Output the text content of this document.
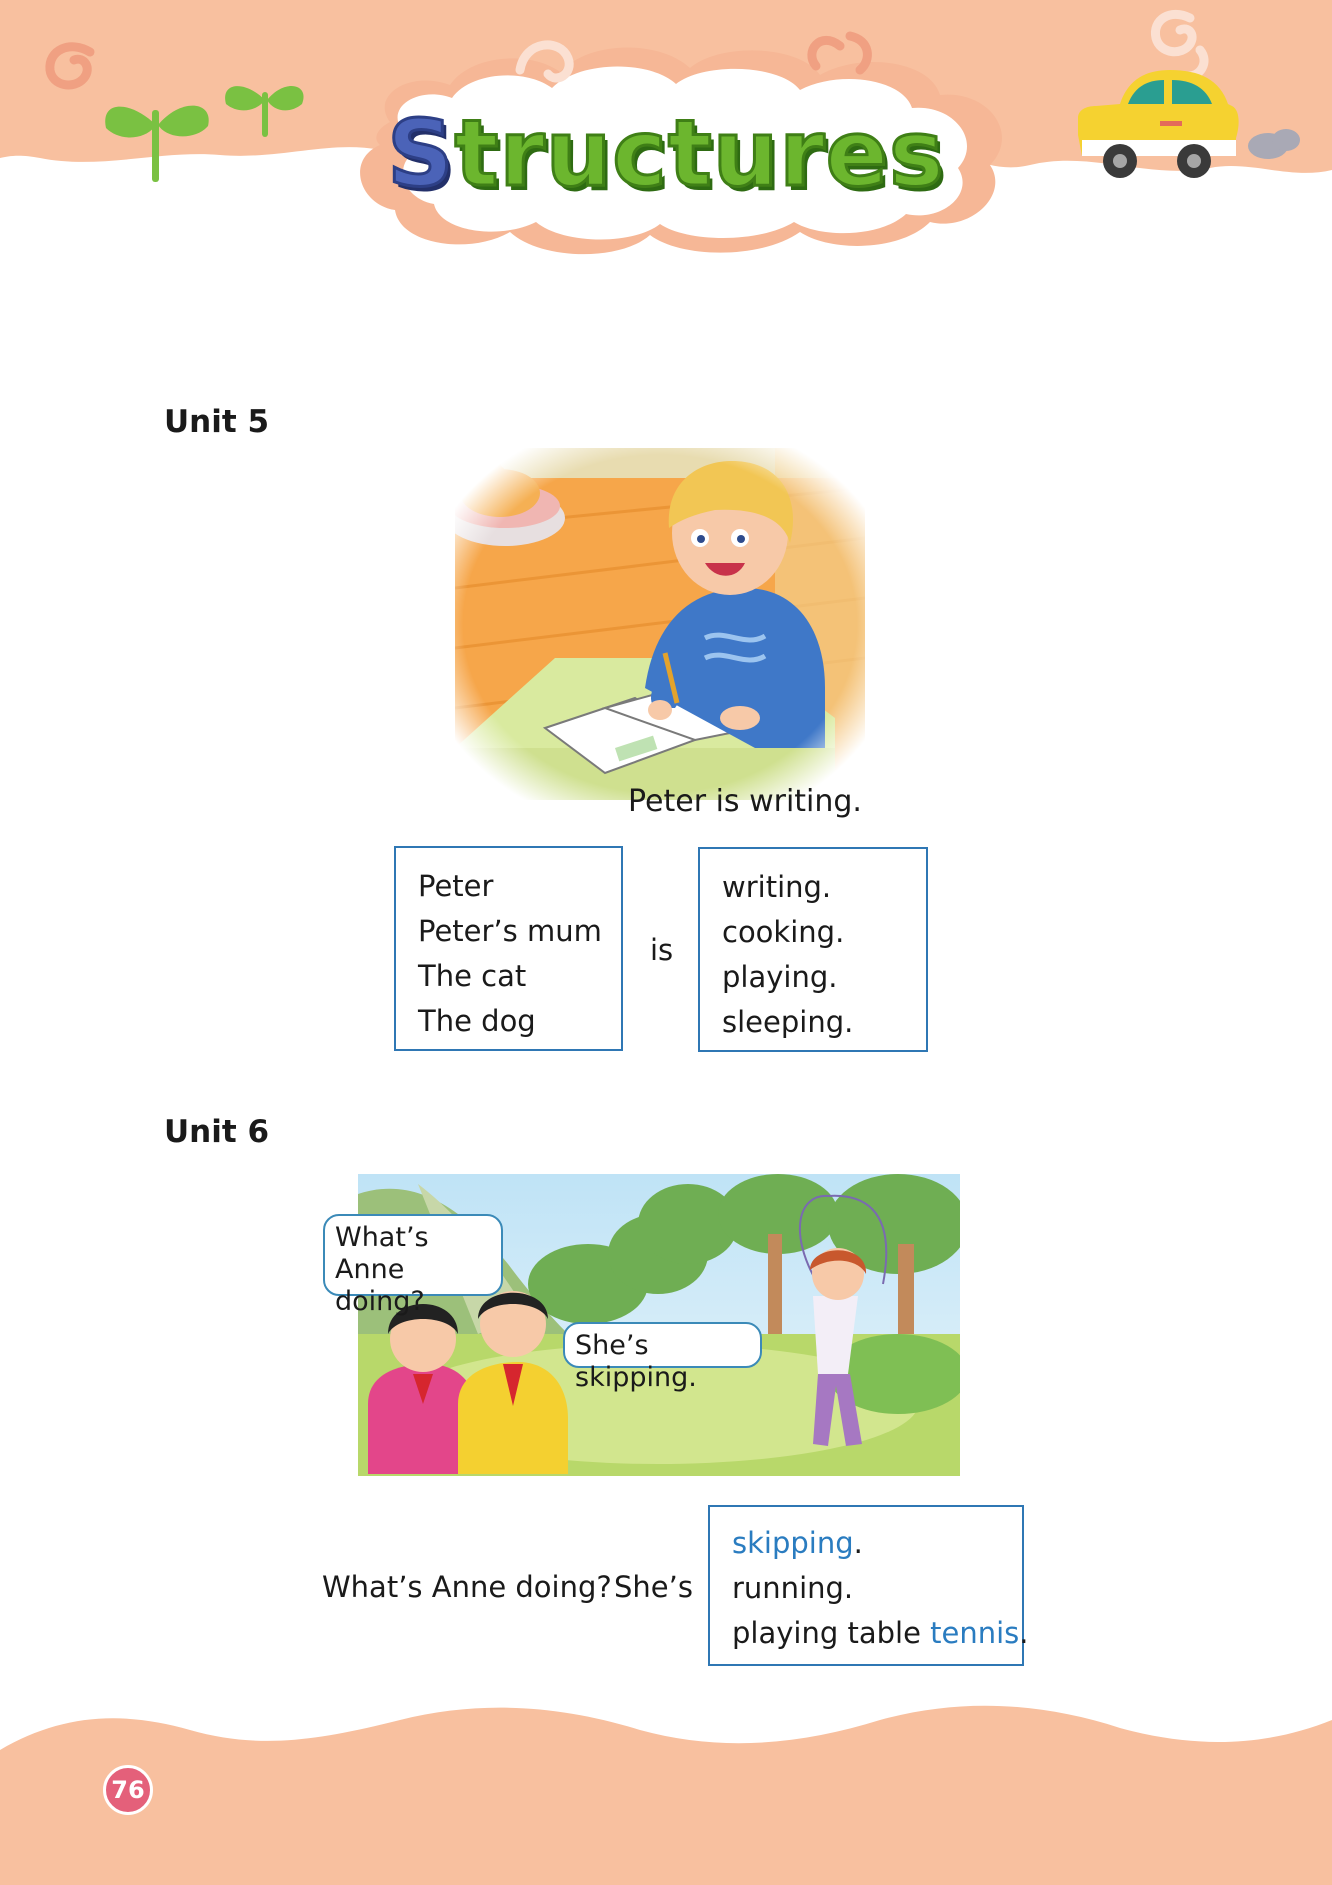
Structures
Unit 5
Peter is writing.
Peter
Peter’s mum
The cat
The dog
is
writing.
cooking.
playing.
sleeping.
Unit 6
What’s Anne
doing?
She’s skipping.
What’s Anne doing? She’s
skipping.
running.
playing table tennis.
76
